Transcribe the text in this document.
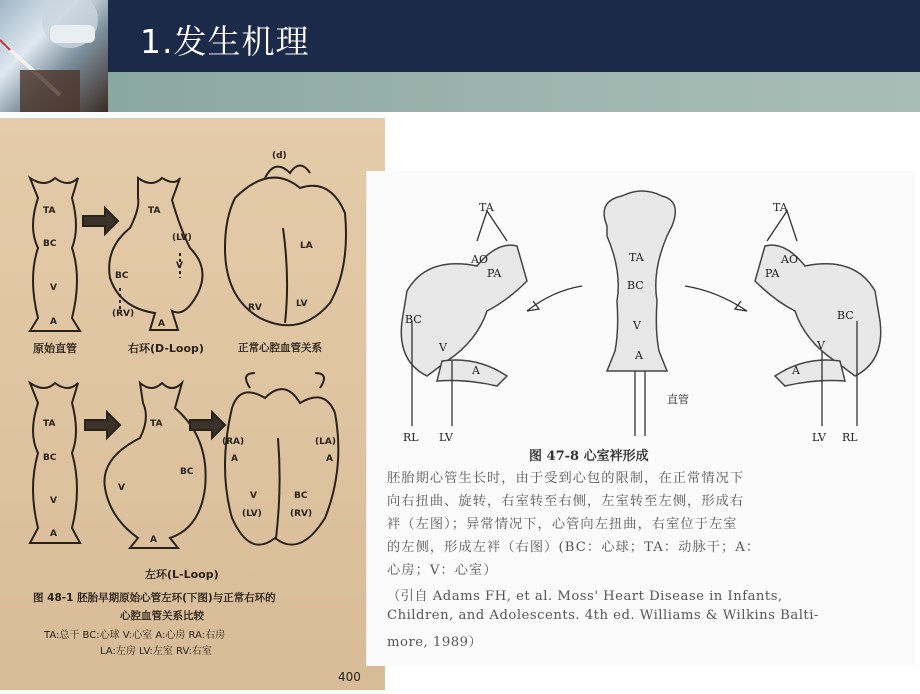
1.发生机理
TA
BC
V
A
TA
(LV)
V
BC
(RV)
A
(d)
LA
RV	LV
TA
BC
V
A
TA
BC
V
A
(RA)	(LA)
V
(LV)
BC
(RV)
A	A
原始直管	右环(D-Loop)	正常心腔血管关系
左环(L-Loop)
图 48-1 胚胎早期原始心管左环(下图)与正常右环的
心腔血管关系比较
TA:总干 BC:心球 V:心室 A:心房 RA:右房
LA:左房 LV:左室 RV:右室
400
TA
AO
PA
BC
V
A
RL LV
TA
BC
V
A
直管
TA
AO
PA
BC
V
A
LV RL
图 47-8 心室袢形成
胚胎期心管生长时，由于受到心包的限制，在正常情况下
向右扭曲、旋转，右室转至右侧，左室转至左侧，形成右
袢（左图）；异常情况下，心管向左扭曲，右室位于左室
的左侧，形成左袢（右图）(BC：心球；TA：动脉干；A：
心房；V：心室）
（引自 Adams FH, et al. Moss' Heart Disease in Infants,
Children, and Adolescents. 4th ed. Williams & Wilkins Balti-
more, 1989）
